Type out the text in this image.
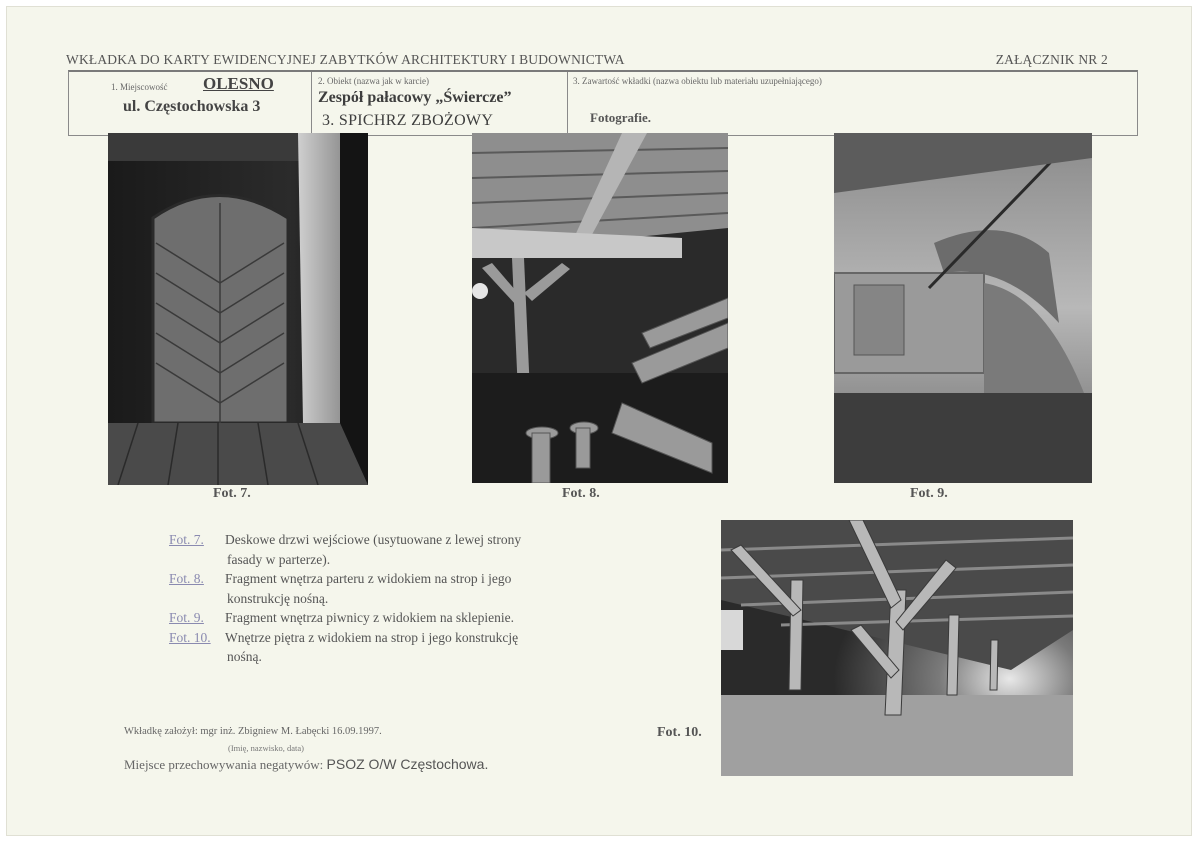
WKŁADKA DO KARTY EWIDENCYJNEJ ZABYTKÓW ARCHITEKTURY I BUDOWNICTWA	ZAŁĄCZNIK NR 2
1. Miejscowość OLESNO
ul. Częstochowska 3
2. Obiekt (nazwa jak w karcie)
Zespół pałacowy „Świercze”
3. SPICHRZ ZBOŻOWY
3. Zawartość wkładki (nazwa obiektu lub materiału uzupełniającego)
Fotografie.
Fot. 7.	Fot. 8.	Fot. 9.
Fot. 10.
Fot. 7. Deskowe drzwi wejściowe (usytuowane z lewej strony
fasady w parterze).
Fot. 8. Fragment wnętrza parteru z widokiem na strop i jego
konstrukcję nośną.
Fot. 9. Fragment wnętrza piwnicy z widokiem na sklepienie.
Fot. 10. Wnętrze piętra z widokiem na strop i jego konstrukcję
nośną.
Wkładkę założył: mgr inż. Zbigniew M. Łabęcki 16.09.1997.
(Imię, nazwisko, data)
Miejsce przechowywania negatywów: PSOZ O/W Częstochowa.
